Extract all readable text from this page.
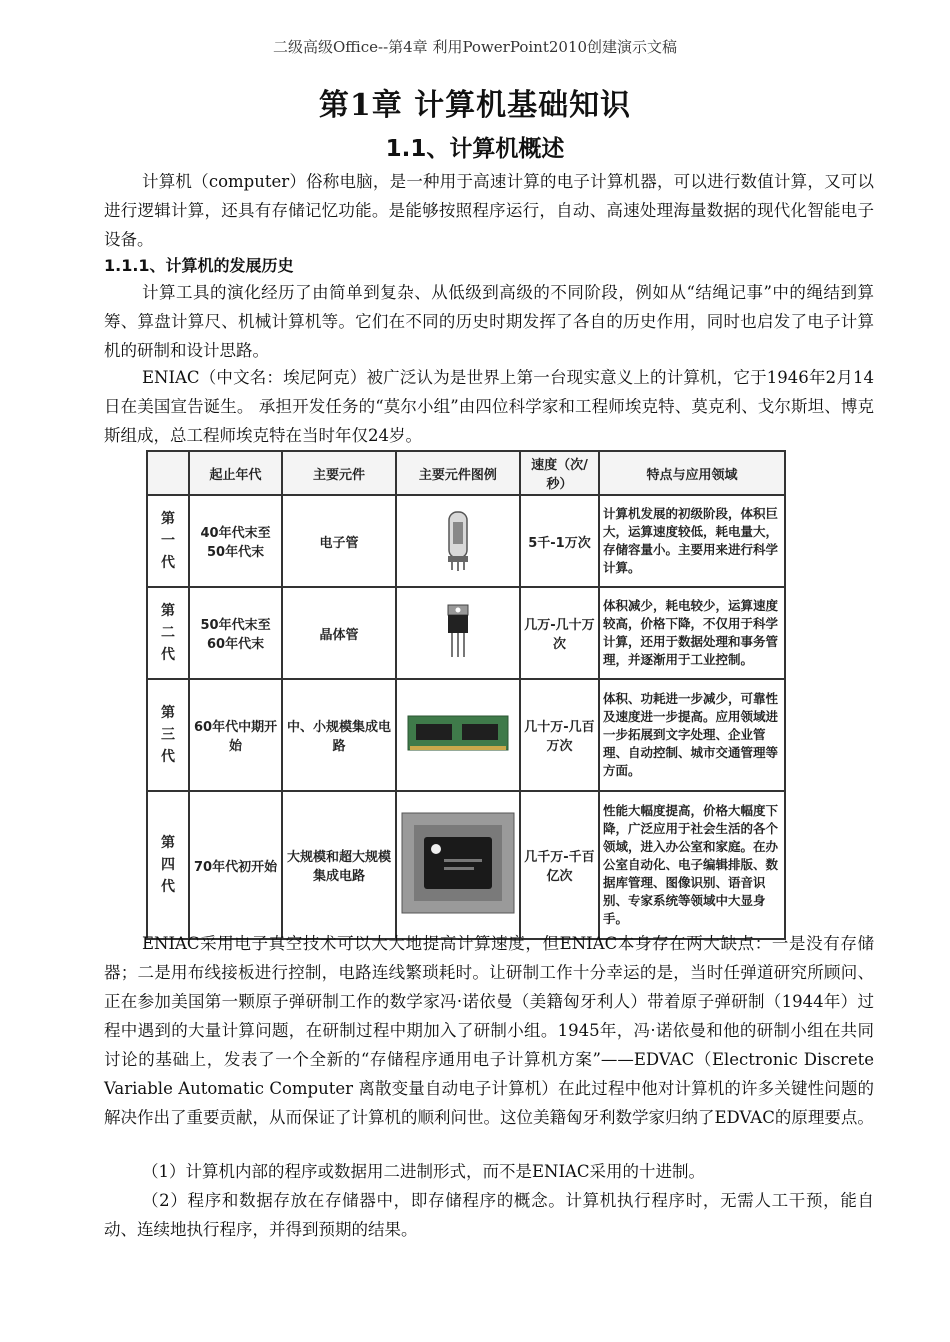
二级高级Office--第4章 利用PowerPoint2010创建演示文稿
第1章 计算机基础知识
1.1、计算机概述
计算机（computer）俗称电脑，是一种用于高速计算的电子计算机器，可以进行数值计算，又可以进行逻辑计算，还具有存储记忆功能。是能够按照程序运行，自动、高速处理海量数据的现代化智能电子设备。
1.1.1、计算机的发展历史
计算工具的演化经历了由简单到复杂、从低级到高级的不同阶段，例如从“结绳记事”中的绳结到算筹、算盘计算尺、机械计算机等。它们在不同的历史时期发挥了各自的历史作用，同时也启发了电子计算机的研制和设计思路。
ENIAC（中文名：埃尼阿克）被广泛认为是世界上第一台现实意义上的计算机，它于1946年2月14日在美国宣告诞生。 承担开发任务的“莫尔小组”由四位科学家和工程师埃克特、莫克利、戈尔斯坦、博克斯组成，总工程师埃克特在当时年仅24岁。
	起止年代	主要元件	主要元件图例	速度（次/秒）	特点与应用领域
第一代	40年代末至50年代末	电子管		5千-1万次	计算机发展的初级阶段，体积巨大，运算速度较低，耗电量大，存储容量小。主要用来进行科学计算。
第二代	50年代末至60年代末	晶体管		几万-几十万次	体积减少，耗电较少，运算速度较高，价格下降，不仅用于科学计算，还用于数据处理和事务管理，并逐渐用于工业控制。
第三代	60年代中期开始	中、小规模集成电路		几十万-几百万次	体积、功耗进一步减少，可靠性及速度进一步提高。应用领域进一步拓展到文字处理、企业管理、自动控制、城市交通管理等方面。
第四代	70年代初开始	大规模和超大规模集成电路		几千万-千百亿次	性能大幅度提高，价格大幅度下降，广泛应用于社会生活的各个领域，进入办公室和家庭。在办公室自动化、电子编辑排版、数据库管理、图像识别、语音识别、专家系统等领域中大显身手。
ENIAC采用电子真空技术可以大大地提高计算速度，但ENIAC本身存在两大缺点：一是没有存储器；二是用布线接板进行控制，电路连线繁琐耗时。让研制工作十分幸运的是，当时任弹道研究所顾问、正在参加美国第一颗原子弹研制工作的数学家冯·诺依曼（美籍匈牙利人）带着原子弹研制（1944年）过程中遇到的大量计算问题，在研制过程中期加入了研制小组。1945年，冯·诺依曼和他的研制小组在共同讨论的基础上，发表了一个全新的“存储程序通用电子计算机方案”——EDVAC（Electronic Discrete Variable Automatic Computer 离散变量自动电子计算机）在此过程中他对计算机的许多关键性问题的解决作出了重要贡献，从而保证了计算机的顺利问世。这位美籍匈牙利数学家归纳了EDVAC的原理要点。
（1）计算机内部的程序或数据用二进制形式，而不是ENIAC采用的十进制。
（2）程序和数据存放在存储器中，即存储程序的概念。计算机执行程序时，无需人工干预，能自动、连续地执行程序，并得到预期的结果。
